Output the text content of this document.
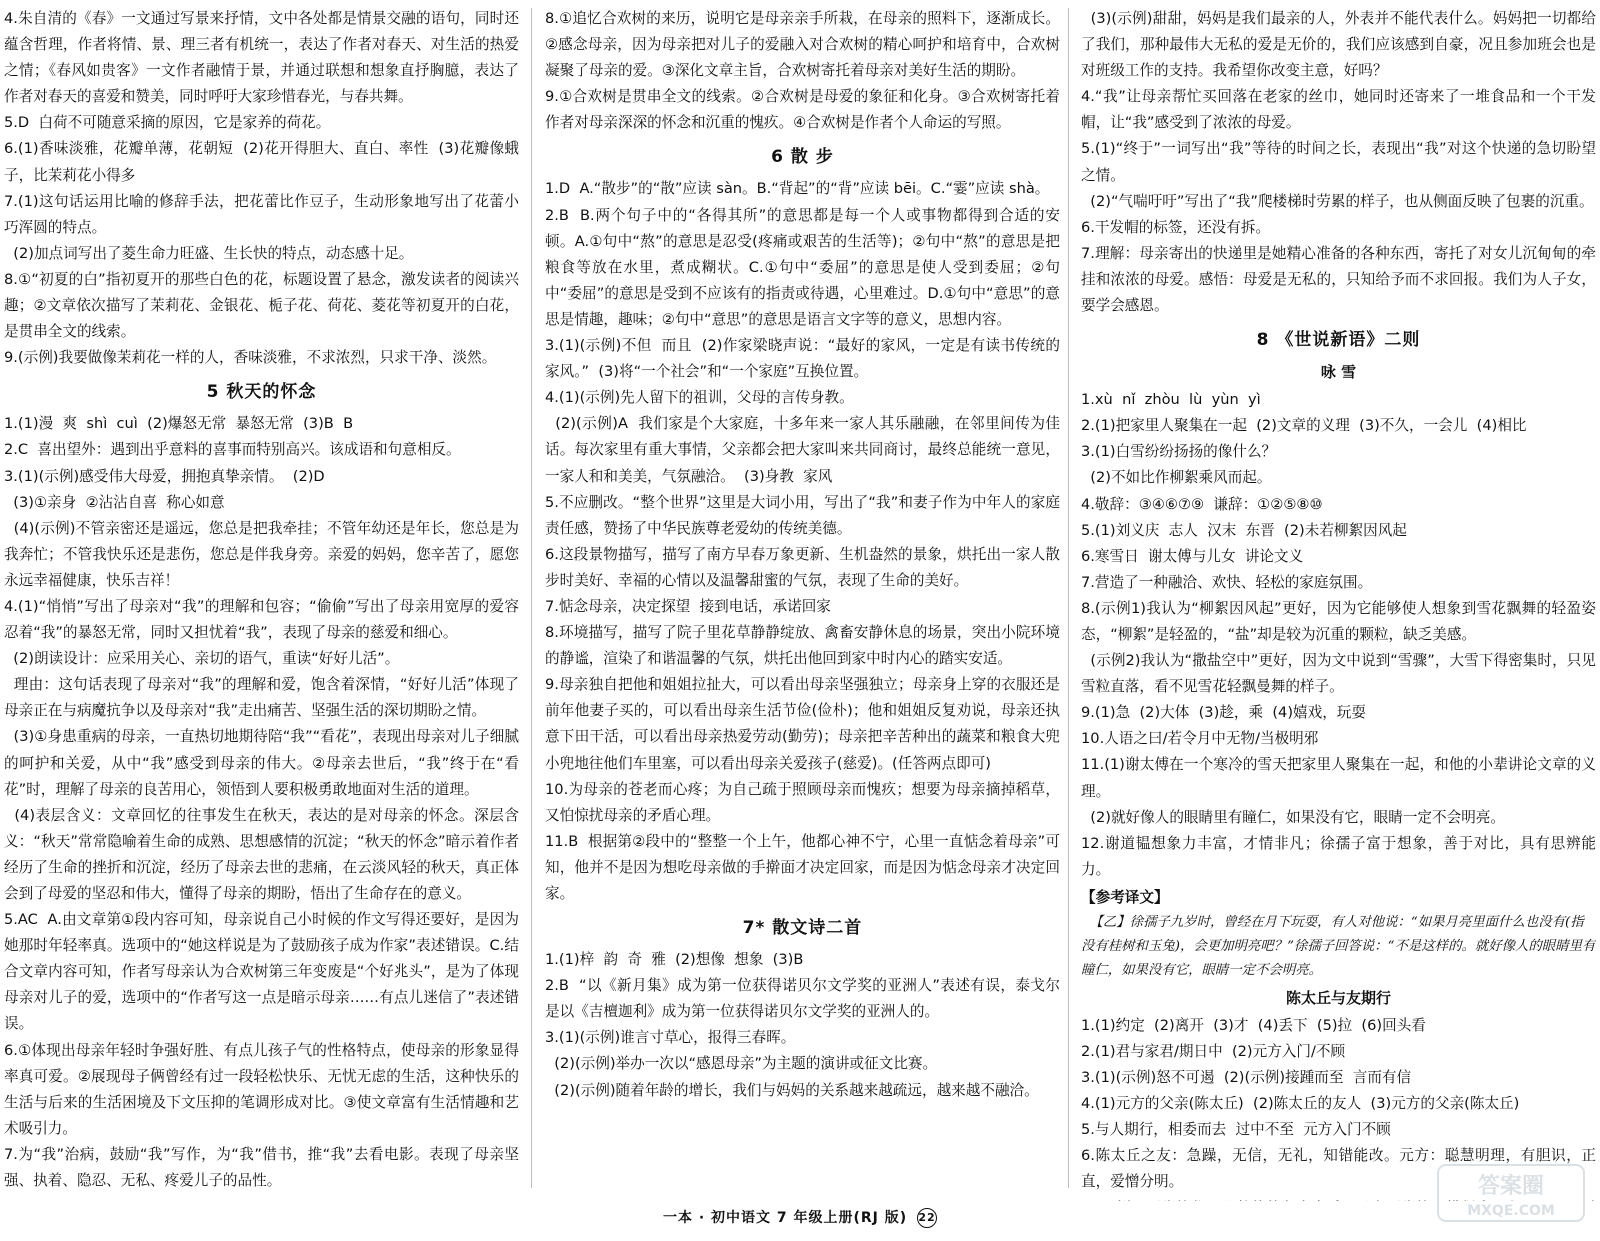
4.朱自清的《春》一文通过写景来抒情，文中各处都是情景交融的语句，同时还蕴含哲理，作者将情、景、理三者有机统一，表达了作者对春天、对生活的热爱之情；《春风如贵客》一文作者融情于景，并通过联想和想象直抒胸臆，表达了作者对春天的喜爱和赞美，同时呼吁大家珍惜春光，与春共舞。
5.D  白荷不可随意采摘的原因，它是家养的荷花。
6.(1)香味淡雅，花瓣单薄，花朝短  (2)花开得胆大、直白、率性  (3)花瓣像蛾子，比茉莉花小得多
7.(1)这句话运用比喻的修辞手法，把花蕾比作豆子，生动形象地写出了花蕾小巧浑圆的特点。
(2)加点词写出了菱生命力旺盛、生长快的特点，动态感十足。
8.①“初夏的白”指初夏开的那些白色的花，标题设置了悬念，激发读者的阅读兴趣；②文章依次描写了茉莉花、金银花、栀子花、荷花、菱花等初夏开的白花，是贯串全文的线索。
9.(示例)我要做像茉莉花一样的人，香味淡雅，不求浓烈，只求干净、淡然。
5 秋天的怀念
1.(1)漫  爽  shì  cuì  (2)爆怒无常  暴怒无常  (3)B  B
2.C  喜出望外：遇到出乎意料的喜事而特别高兴。该成语和句意相反。
3.(1)(示例)感受伟大母爱，拥抱真挚亲情。  (2)D
(3)①亲身  ②沾沾自喜  称心如意
(4)(示例)不管亲密还是遥远，您总是把我牵挂；不管年幼还是年长，您总是为我奔忙；不管我快乐还是悲伤，您总是伴我身旁。亲爱的妈妈，您辛苦了，愿您永远幸福健康，快乐吉祥！
4.(1)“悄悄”写出了母亲对“我”的理解和包容；“偷偷”写出了母亲用宽厚的爱容忍着“我”的暴怒无常，同时又担忧着“我”，表现了母亲的慈爱和细心。
(2)朗读设计：应采用关心、亲切的语气，重读“好好儿活”。
理由：这句话表现了母亲对“我”的理解和爱，饱含着深情，“好好儿活”体现了母亲正在与病魔抗争以及母亲对“我”走出痛苦、坚强生活的深切期盼之情。
(3)①身患重病的母亲，一直热切地期待陪“我”“看花”，表现出母亲对儿子细腻的呵护和关爱，从中“我”感受到母亲的伟大。②母亲去世后，“我”终于在“看花”时，理解了母亲的良苦用心，领悟到人要积极勇敢地面对生活的道理。
(4)表层含义：文章回忆的往事发生在秋天，表达的是对母亲的怀念。深层含义：“秋天”常常隐喻着生命的成熟、思想感情的沉淀；“秋天的怀念”暗示着作者经历了生命的挫折和沉淀，经历了母亲去世的悲痛，在云淡风轻的秋天，真正体会到了母爱的坚忍和伟大，懂得了母亲的期盼，悟出了生命存在的意义。
5.AC  A.由文章第①段内容可知，母亲说自己小时候的作文写得还要好，是因为她那时年轻率真。选项中的“她这样说是为了鼓励孩子成为作家”表述错误。C.结合文章内容可知，作者写母亲认为合欢树第三年变废是“个好兆头”，是为了体现母亲对儿子的爱，选项中的“作者写这一点是暗示母亲……有点儿迷信了”表述错误。
6.①体现出母亲年轻时争强好胜、有点儿孩子气的性格特点，使母亲的形象显得率真可爱。②展现母子俩曾经有过一段轻松快乐、无忧无虑的生活，这种快乐的生活与后来的生活困境及下文压抑的笔调形成对比。③使文章富有生活情趣和艺术吸引力。
7.为“我”治病，鼓励“我”写作，为“我”借书，推“我”去看电影。表现了母亲坚强、执着、隐忍、无私、疼爱儿子的品性。
8.①追忆合欢树的来历，说明它是母亲亲手所栽，在母亲的照料下，逐渐成长。②感念母亲，因为母亲把对儿子的爱融入对合欢树的精心呵护和培育中，合欢树凝聚了母亲的爱。③深化文章主旨，合欢树寄托着母亲对美好生活的期盼。
9.①合欢树是贯串全文的线索。②合欢树是母爱的象征和化身。③合欢树寄托着作者对母亲深深的怀念和沉重的愧疚。④合欢树是作者个人命运的写照。
6 散 步
1.D  A.“散步”的“散”应读 sàn。B.“背起”的“背”应读 bēi。C.“霎”应读 shà。
2.B  B.两个句子中的“各得其所”的意思都是每一个人或事物都得到合适的安顿。A.①句中“熬”的意思是忍受(疼痛或艰苦的生活等)；②句中“熬”的意思是把粮食等放在水里，煮成糊状。C.①句中“委屈”的意思是使人受到委屈；②句中“委屈”的意思是受到不应该有的指责或待遇，心里难过。D.①句中“意思”的意思是情趣，趣味；②句中“意思”的意思是语言文字等的意义，思想内容。
3.(1)(示例)不但  而且  (2)作家梁晓声说：“最好的家风，一定是有读书传统的家风。”  (3)将“一个社会”和“一个家庭”互换位置。
4.(1)(示例)先人留下的祖训，父母的言传身教。
(2)(示例)A  我们家是个大家庭，十多年来一家人其乐融融，在邻里间传为佳话。每次家里有重大事情，父亲都会把大家叫来共同商讨，最终总能统一意见，一家人和和美美，气氛融洽。  (3)身教  家风
5.不应删改。“整个世界”这里是大词小用，写出了“我”和妻子作为中年人的家庭责任感，赞扬了中华民族尊老爱幼的传统美德。
6.这段景物描写，描写了南方早春万象更新、生机盎然的景象，烘托出一家人散步时美好、幸福的心情以及温馨甜蜜的气氛，表现了生命的美好。
7.惦念母亲，决定探望  接到电话，承诺回家
8.环境描写，描写了院子里花草静静绽放、禽畜安静休息的场景，突出小院环境的静谧，渲染了和谐温馨的气氛，烘托出他回到家中时内心的踏实安适。
9.母亲独自把他和姐姐拉扯大，可以看出母亲坚强独立；母亲身上穿的衣服还是前年他妻子买的，可以看出母亲生活节俭(俭朴)；他和姐姐反复劝说，母亲还执意下田干活，可以看出母亲热爱劳动(勤劳)；母亲把辛苦种出的蔬菜和粮食大兜小兜地往他们车里塞，可以看出母亲关爱孩子(慈爱)。(任答两点即可)
10.为母亲的苍老而心疼；为自己疏于照顾母亲而愧疚；想要为母亲摘掉稻草，又怕惊扰母亲的矛盾心理。
11.B  根据第②段中的“整整一个上午，他都心神不宁，心里一直惦念着母亲”可知，他并不是因为想吃母亲做的手擀面才决定回家，而是因为惦念母亲才决定回家。
7* 散文诗二首
1.(1)梓  韵  奇  雅  (2)想像  想象  (3)B
2.B  “以《新月集》成为第一位获得诺贝尔文学奖的亚洲人”表述有误，泰戈尔是以《吉檀迦利》成为第一位获得诺贝尔文学奖的亚洲人的。
3.(1)(示例)谁言寸草心，报得三春晖。
(2)(示例)举办一次以“感恩母亲”为主题的演讲或征文比赛。
(2)(示例)随着年龄的增长，我们与妈妈的关系越来越疏远，越来越不融洽。
(3)(示例)甜甜，妈妈是我们最亲的人，外表并不能代表什么。妈妈把一切都给了我们，那种最伟大无私的爱是无价的，我们应该感到自豪，况且参加班会也是对班级工作的支持。我希望你改变主意，好吗？
4.“我”让母亲帮忙买回落在老家的丝巾，她同时还寄来了一堆食品和一个干发帽，让“我”感受到了浓浓的母爱。
5.(1)“终于”一词写出“我”等待的时间之长，表现出“我”对这个快递的急切盼望之情。
(2)“气喘吁吁”写出了“我”爬楼梯时劳累的样子，也从侧面反映了包裹的沉重。
6.干发帽的标签，还没有拆。
7.理解：母亲寄出的快递里是她精心准备的各种东西，寄托了对女儿沉甸甸的牵挂和浓浓的母爱。感悟：母爱是无私的，只知给予而不求回报。我们为人子女，要学会感恩。
8 《世说新语》二则
咏 雪
1.xù  nǐ  zhòu  lù  yùn  yì
2.(1)把家里人聚集在一起  (2)文章的义理  (3)不久，一会儿  (4)相比
3.(1)白雪纷纷扬扬的像什么？
(2)不如比作柳絮乘风而起。
4.敬辞：③④⑥⑦⑨  谦辞：①②⑤⑧⑩
5.(1)刘义庆  志人  汉末  东晋  (2)未若柳絮因风起
6.寒雪日  谢太傅与儿女  讲论文义
7.营造了一种融洽、欢快、轻松的家庭氛围。
8.(示例1)我认为“柳絮因风起”更好，因为它能够使人想象到雪花飘舞的轻盈姿态，“柳絮”是轻盈的，“盐”却是较为沉重的颗粒，缺乏美感。
(示例2)我认为“撒盐空中”更好，因为文中说到“雪骤”，大雪下得密集时，只见雪粒直落，看不见雪花轻飘曼舞的样子。
9.(1)急  (2)大体  (3)趁，乘  (4)嬉戏，玩耍
10.人语之曰/若令月中无物/当极明邪
11.(1)谢太傅在一个寒冷的雪天把家里人聚集在一起，和他的小辈讲论文章的义理。
(2)就好像人的眼睛里有瞳仁，如果没有它，眼睛一定不会明亮。
12.谢道韫想象力丰富，才情非凡；徐孺子富于想象，善于对比，具有思辨能力。
【参考译文】
【乙】徐孺子九岁时，曾经在月下玩耍，有人对他说：“如果月亮里面什么也没有(指没有桂树和玉兔)，会更加明亮吧？”徐孺子回答说：“不是这样的。就好像人的眼睛里有瞳仁，如果没有它，眼睛一定不会明亮。
陈太丘与友期行
1.(1)约定  (2)离开  (3)才  (4)丢下  (5)拉  (6)回头看
2.(1)君与家君/期日中  (2)元方入门/不顾
3.(1)(示例)怒不可遏  (2)(示例)接踵而至  言而有信
4.(1)元方的父亲(陈太丘)  (2)陈太丘的友人  (3)元方的父亲(陈太丘)
5.与人期行，相委而去  过中不至  元方入门不顾
6.陈太丘之友：急躁，无信，无礼，知错能改。元方：聪慧明理，有胆识，正直，爱憎分明。
一本 · 初中语文 7 年级上册(RJ 版) 22
答案圈
MXQE.COM
